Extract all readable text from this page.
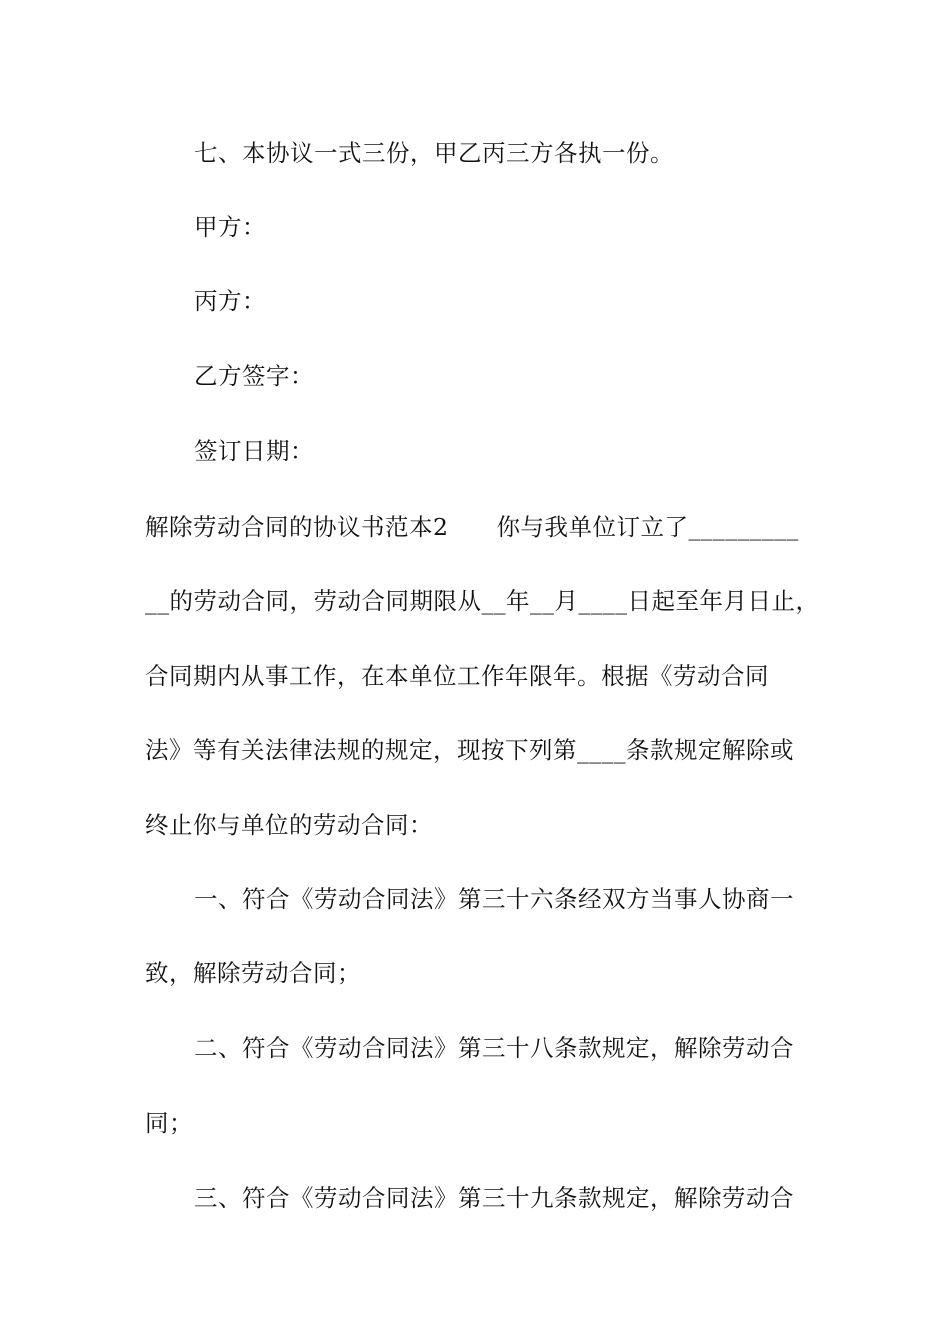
七、本协议一式三份，甲乙丙三方各执一份。
甲方：
丙方：
乙方签字：
签订日期：
解除劳动合同的协议书范本2　　你与我单位订立了_________
__的劳动合同，劳动合同期限从__年__月____日起至年月日止，
合同期内从事工作，在本单位工作年限年。根据《劳动合同
法》等有关法律法规的规定，现按下列第____条款规定解除或
终止你与单位的劳动合同：
一、符合《劳动合同法》第三十六条经双方当事人协商一
致，解除劳动合同；
二、符合《劳动合同法》第三十八条款规定，解除劳动合
同；
三、符合《劳动合同法》第三十九条款规定，解除劳动合
